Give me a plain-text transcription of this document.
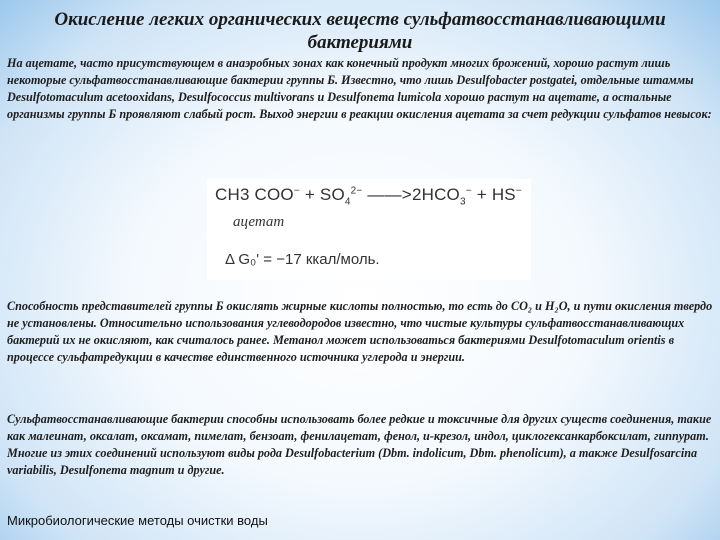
Окисление легких органических веществ сульфатвосстанавливающими бактериями
На ацетате, часто присутствующем в анаэробных зонах как конечный продукт многих брожений, хорошо растут лишь некоторые сульфатвосстанавливающие бактерии группы Б. Известно, что лишь Desulfobacter postgatei, отдельные штаммы Desulfotomaculum acetooxidans, Desulfococcus multivorans и Desulfonema lumicola хорошо растут на ацетате, а остальные организмы группы Б проявляют слабый рост. Выход энергии в реакции окисления ацетата за счет редукции сульфатов невысок:
CH3 $COO^- + SO_4^{2-}$ $——>2HCO_3^- + HS^-$
ацетат
Δ G₀' = −17 ккал/моль.
Способность представителей группы Б окислять жирные кислоты полностью, то есть до CO₂ и H₂O, и пути окисления твердо не установлены. Относительно использования углеводородов известно, что чистые культуры сульфатвосстанавливающих бактерий их не окисляют, как считалось ранее. Метанол может использоваться бактериями Desulfotomaculum orientis в процессе сульфатредукции в качестве единственного источника углерода и энергии.
Сульфатвосстанавливающие бактерии способны использовать более редкие и токсичные для других существ соединения, такие как малеинат, оксалат, оксамат, пимелат, бензоат, фенилацетат, фенол, и-крезол, индол, циклогексанкарбоксилат, гиппурат. Многие из этих соединений используют виды рода Desulfobacterium (Dbm. indolicum, Dbm. phenolicum), а также Desulfosarcina variabilis, Desulfonema magnum и другие.
Микробиологические методы очистки воды
